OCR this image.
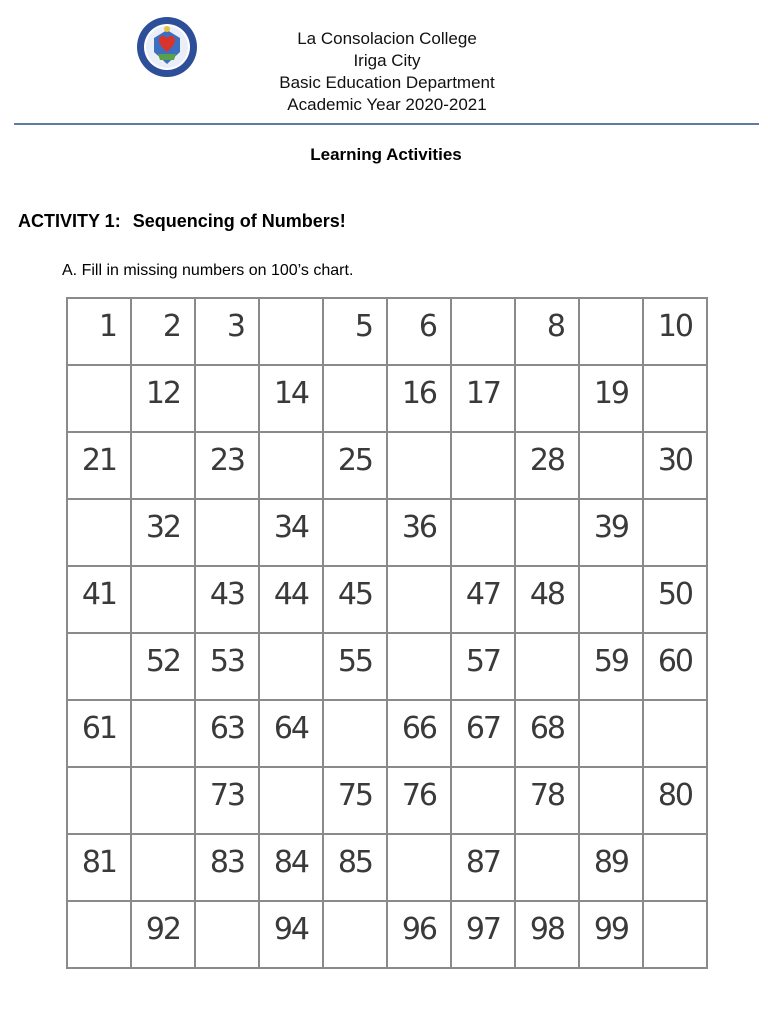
La Consolacion College
Iriga City
Basic Education Department
Academic Year 2020-2021
Learning Activities
ACTIVITY 1: Sequencing of Numbers!
A. Fill in missing numbers on 100’s chart.
1	2	3		5	6		8		10
	12		14		16	17		19	
21		23		25			28		30
	32		34		36			39	
41		43	44	45		47	48		50
	52	53		55		57		59	60
61		63	64		66	67	68		
		73		75	76		78		80
81		83	84	85		87		89	
	92		94		96	97	98	99	
